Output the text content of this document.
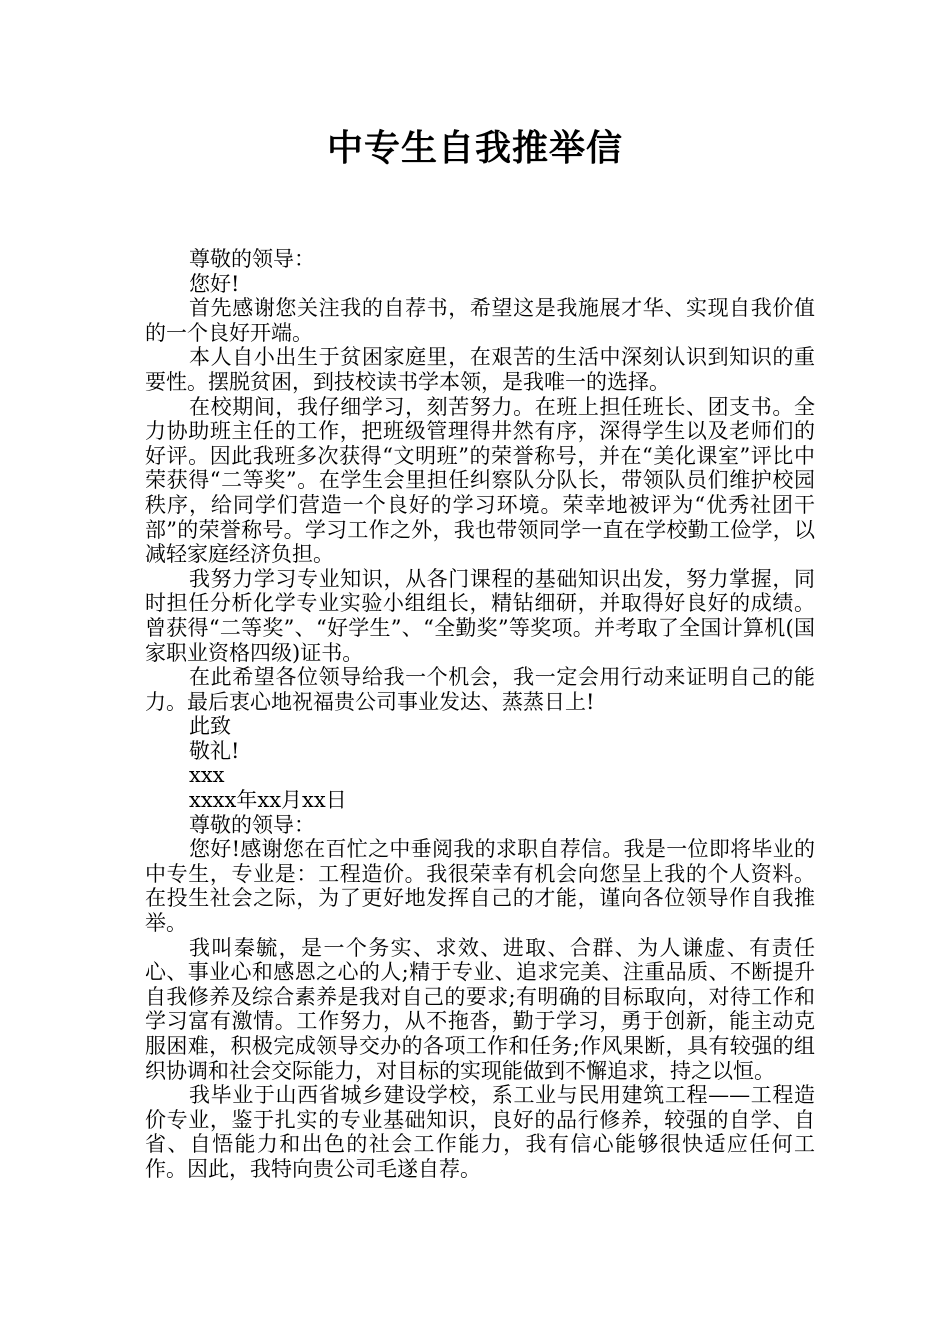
中专生自我推举信

尊敬的领导：

您好!

首先感谢您关注我的自荐书，希望这是我施展才华、实现自我价值的一个良好开端。

本人自小出生于贫困家庭里，在艰苦的生活中深刻认识到知识的重要性。摆脱贫困，到技校读书学本领，是我唯一的选择。

在校期间，我仔细学习，刻苦努力。在班上担任班长、团支书。全力协助班主任的工作，把班级管理得井然有序，深得学生以及老师们的好评。因此我班多次获得“文明班”的荣誉称号，并在“美化课室”评比中荣获得“二等奖”。在学生会里担任纠察队分队长，带领队员们维护校园秩序，给同学们营造一个良好的学习环境。荣幸地被评为“优秀社团干部”的荣誉称号。学习工作之外，我也带领同学一直在学校勤工俭学，以减轻家庭经济负担。

我努力学习专业知识，从各门课程的基础知识出发，努力掌握，同时担任分析化学专业实验小组组长，精钻细研，并取得好良好的成绩。曾获得“二等奖”、“好学生”、“全勤奖”等奖项。并考取了全国计算机(国家职业资格四级)证书。

在此希望各位领导给我一个机会，我一定会用行动来证明自己的能力。最后衷心地祝福贵公司事业发达、蒸蒸日上!

此致

敬礼!

xxx

xxxx年xx月xx日

尊敬的领导：

您好!感谢您在百忙之中垂阅我的求职自荐信。我是一位即将毕业的中专生，专业是：工程造价。我很荣幸有机会向您呈上我的个人资料。在投生社会之际，为了更好地发挥自己的才能，谨向各位领导作自我推举。

我叫秦毓，是一个务实、求效、进取、合群、为人谦虚、有责任心、事业心和感恩之心的人;精于专业、追求完美、注重品质、不断提升自我修养及综合素养是我对自己的要求;有明确的目标取向，对待工作和学习富有激情。工作努力，从不拖沓，勤于学习，勇于创新，能主动克服困难，积极完成领导交办的各项工作和任务;作风果断，具有较强的组织协调和社会交际能力，对目标的实现能做到不懈追求，持之以恒。

我毕业于山西省城乡建设学校，系工业与民用建筑工程——工程造价专业，鉴于扎实的专业基础知识，良好的品行修养，较强的自学、自省、自悟能力和出色的社会工作能力，我有信心能够很快适应任何工作。因此，我特向贵公司毛遂自荐。
